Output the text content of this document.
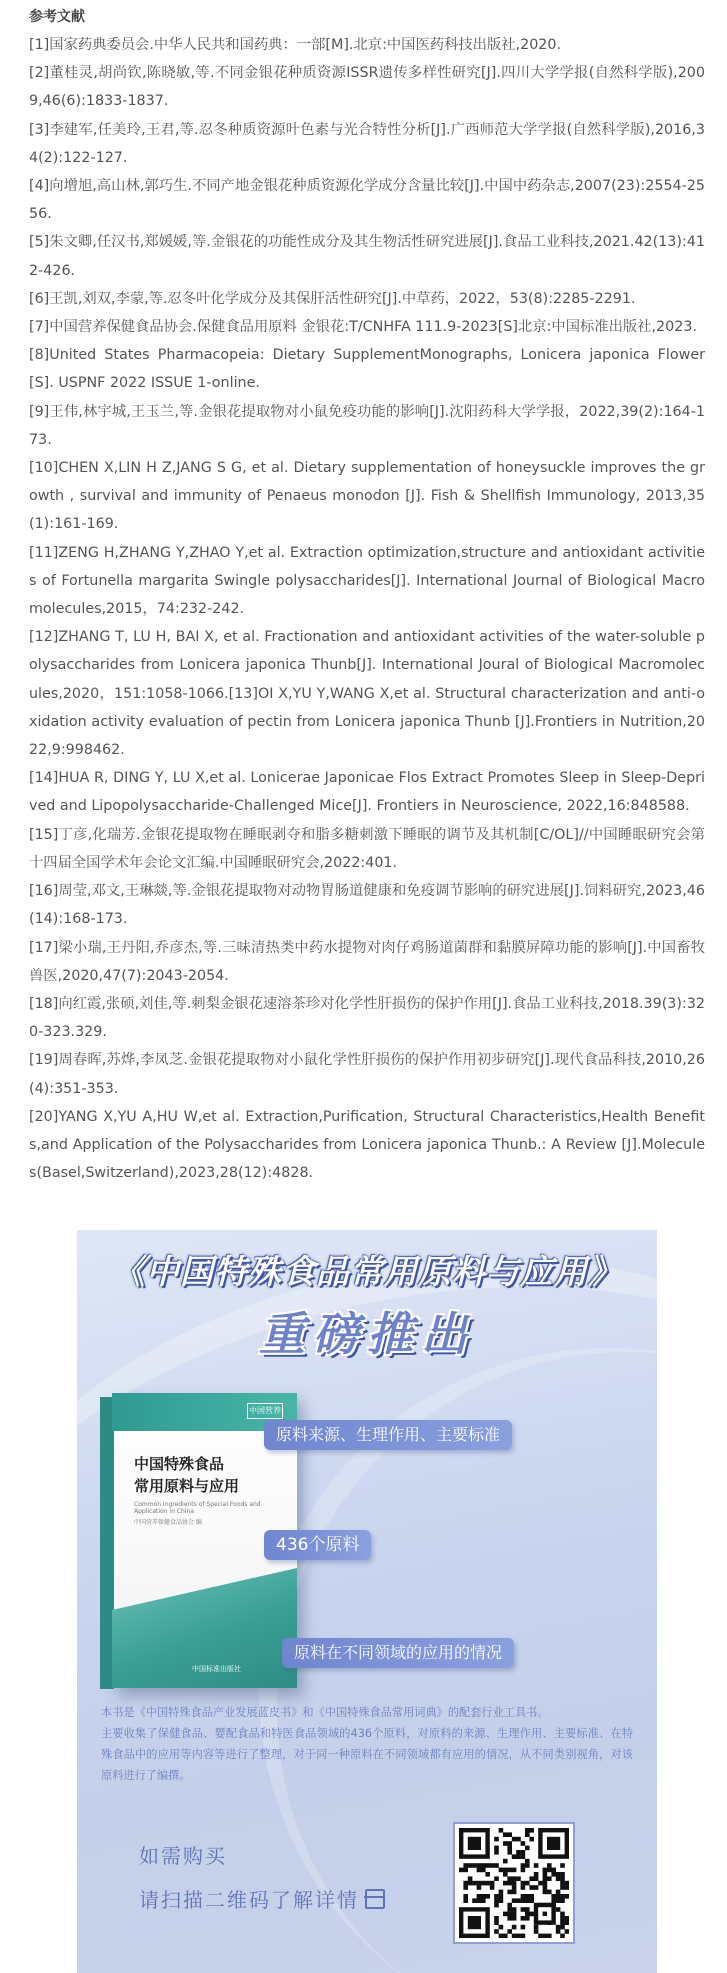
参考文献

[1]国家药典委员会.中华人民共和国药典：一部[M].北京:中国医药科技出版社,2020.

[2]董桂灵,胡尚钦,陈晓敏,等.不同金银花种质资源ISSR遗传多样性研究[J].四川大学学报(自然科学版),2009,46(6):1833-1837.

[3]李建军,任美玲,王君,等.忍冬种质资源叶色素与光合特性分析[J].广西师范大学学报(自然科学版),2016,34(2):122-127.

[4]向增旭,高山林,郭巧生.不同产地金银花种质资源化学成分含量比较[J].中国中药杂志,2007(23):2554-2556.

[5]朱文卿,任汉书,郑媛媛,等.金银花的功能性成分及其生物活性研究进展[J].食品工业科技,2021.42(13):412-426.

[6]王凯,刘双,李蒙,等.忍冬叶化学成分及其保肝活性研究[J].中草药，2022，53(8):2285-2291.

[7]中国营养保健食品协会.保健食品用原料 金银花:T/CNHFA 111.9-2023[S]北京:中国标准出版社,2023.

[8]United States Pharmacopeia: Dietary SupplementMonographs, Lonicera japonica Flower [S]. USPNF 2022 ISSUE 1-online.

[9]王伟,林宇城,王玉兰,等.金银花提取物对小鼠免疫功能的影响[J].沈阳药科大学学报，2022,39(2):164-173.

[10]CHEN X,LIN H Z,JANG S G, et al. Dietary supplementation of honeysuckle improves the growth , survival and immunity of Penaeus monodon [J]. Fish & Shellfish Immunology, 2013,35(1):161-169.

[11]ZENG H,ZHANG Y,ZHAO Y,et al. Extraction optimization,structure and antioxidant activities of Fortunella margarita Swingle polysaccharides[J]. International Journal of Biological Macromolecules,2015，74:232-242.

[12]ZHANG T, LU H, BAI X, et al. Fractionation and antioxidant activities of the water-soluble polysaccharides from Lonicera japonica Thunb[J]. International Joural of Biological Macromolecules,2020，151:1058-1066.[13]OI X,YU Y,WANG X,et al. Structural characterization and anti-oxidation activity evaluation of pectin from Lonicera japonica Thunb [J].Frontiers in Nutrition,2022,9:998462.

[14]HUA R, DING Y, LU X,et al. Lonicerae Japonicae Flos Extract Promotes Sleep in Sleep-Deprived and Lipopolysaccharide-Challenged Mice[J]. Frontiers in Neuroscience, 2022,16:848588.

[15]丁彦,化瑞芳.金银花提取物在睡眠剥夺和脂多糖刺激下睡眠的调节及其机制[C/OL]//中国睡眠研究会第十四届全国学术年会论文汇编.中国睡眠研究会,2022:401.

[16]周莹,邓文,王琳燚,等.金银花提取物对动物胃肠道健康和免疫调节影响的研究进展[J].饲料研究,2023,46(14):168-173.

[17]梁小瑞,王丹阳,乔彦杰,等.三味清热类中药水提物对肉仔鸡肠道菌群和黏膜屏障功能的影响[J].中国畜牧兽医,2020,47(7):2043-2054.

[18]向红霞,张硕,刘佳,等.刺梨金银花速溶茶珍对化学性肝损伤的保护作用[J].食品工业科技,2018.39(3):320-323.329.

[19]周春晖,苏烨,李凤芝.金银花提取物对小鼠化学性肝损伤的保护作用初步研究[J].现代食品科技,2010,26(4):351-353.

[20]YANG X,YU A,HU W,et al. Extraction,Purification, Structural Characteristics,Health Benefits,and Application of the Polysaccharides from Lonicera japonica Thunb.: A Review [J].Molecules(Basel,Switzerland),2023,28(12):4828.

《中国特殊食品常用原料与应用》
重磅推出
中国营养
中国特殊食品
常用原料与应用
Common Ingredients of Special Foods and Application in China
中国营养保健食品协会 编
中国标准出版社
原料来源、生理作用、主要标准
436个原料
原料在不同领域的应用的情况
本书是《中国特殊食品产业发展蓝皮书》和《中国特殊食品常用词典》的配套行业工具书。
主要收集了保健食品、婴配食品和特医食品领域的436个原料，对原料的来源、生理作用、主要标准、在特殊食品中的应用等内容等进行了整理，对于同一种原料在不同领域都有应用的情况，从不同类别视角，对该原料进行了编撰。
如需购买
请扫描二维码了解详情
